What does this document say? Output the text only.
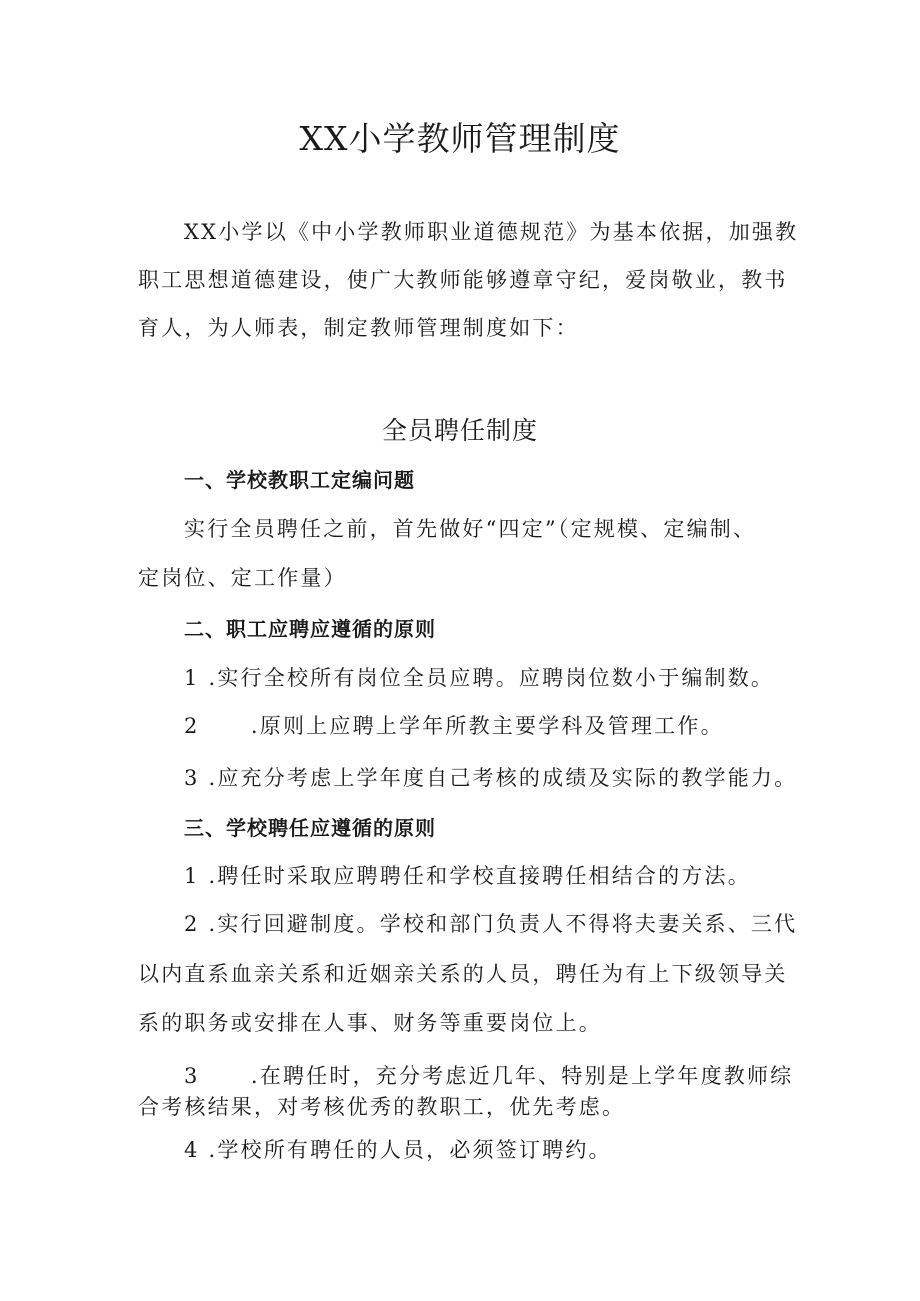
XX小学教师管理制度
XX小学以《中小学教师职业道德规范》为基本依据，加强教
职工思想道德建设，使广大教师能够遵章守纪，爱岗敬业，教书
育人，为人师表，制定教师管理制度如下：
全员聘任制度
一、学校教职工定编问题
实行全员聘任之前，首先做好“四定”（定规模、定编制、
定岗位、定工作量）
二、职工应聘应遵循的原则
1 .实行全校所有岗位全员应聘。应聘岗位数小于编制数。
2 .原则上应聘上学年所教主要学科及管理工作。
3 .应充分考虑上学年度自己考核的成绩及实际的教学能力。
三、学校聘任应遵循的原则
1 .聘任时采取应聘聘任和学校直接聘任相结合的方法。
2 .实行回避制度。学校和部门负责人不得将夫妻关系、三代
以内直系血亲关系和近姻亲关系的人员，聘任为有上下级领导关
系的职务或安排在人事、财务等重要岗位上。
3 .在聘任时，充分考虑近几年、特别是上学年度教师综
合考核结果，对考核优秀的教职工，优先考虑。
4 .学校所有聘任的人员，必须签订聘约。
